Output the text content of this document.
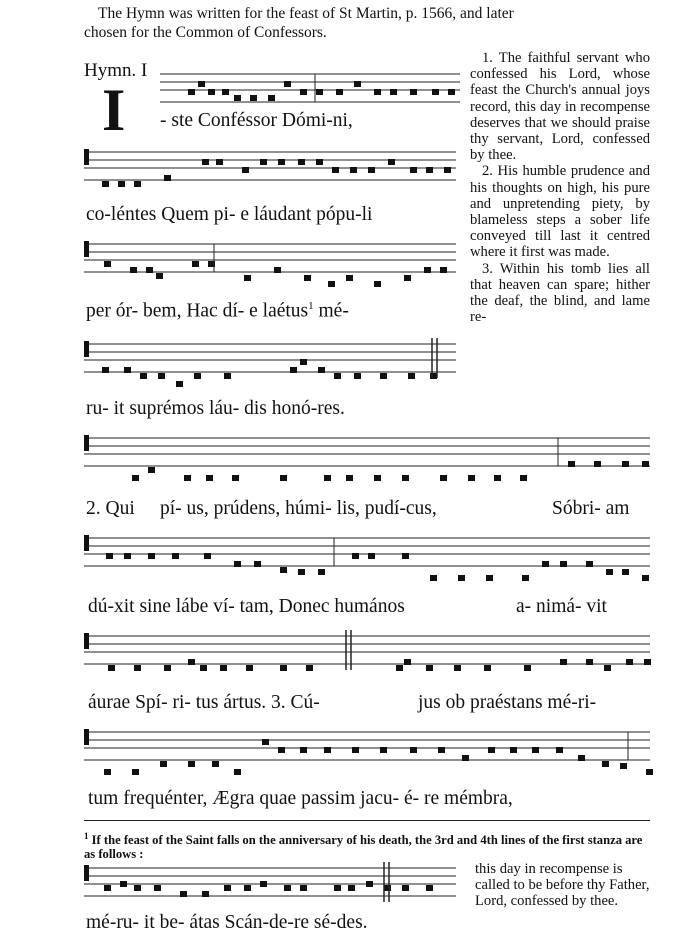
The Hymn was written for the feast of St Martin, p. 1566, and later
chosen for the Common of Confessors.
Hymn. I
I - ste Conféssor Dómi-ni,
co-léntes Quem pi- e láudant pópu-li
per ór- bem, Hac dí- e laétus$^1$ mé-
ru- it suprémos láu- dis honó-res.
2. Qui pí- us, prúdens, húmi- lis, pudí-cus,	Sóbri- am
dú-xit sine lábe ví- tam, Donec humános	a- nimá- vit
áurae Spí- ri- tus ártus. 3. Cú-	jus ob praéstans mé-ri-
tum frequénter, Ægra quae passim jacu- é- re mémbra,
$^1$ If the feast of the Saint falls on the anniversary of his death, the 3rd and 4th lines of the first stanza are as follows :
mé-ru- it be- átas Scán-de-re sé-des.

1. The faithful servant who confessed his Lord, whose feast the Church's annual joys record, this day in recompense deserves that we should praise thy servant, Lord, confessed by thee.

2. His humble prudence and his thoughts on high, his pure and unpretending piety, by blameless steps a sober life conveyed till last it centred where it first was made.

3. Within his tomb lies all that heaven can spare; hither the deaf, the blind, and lame re-

this day in recompense is called to be before thy Father, Lord, confessed by thee.
